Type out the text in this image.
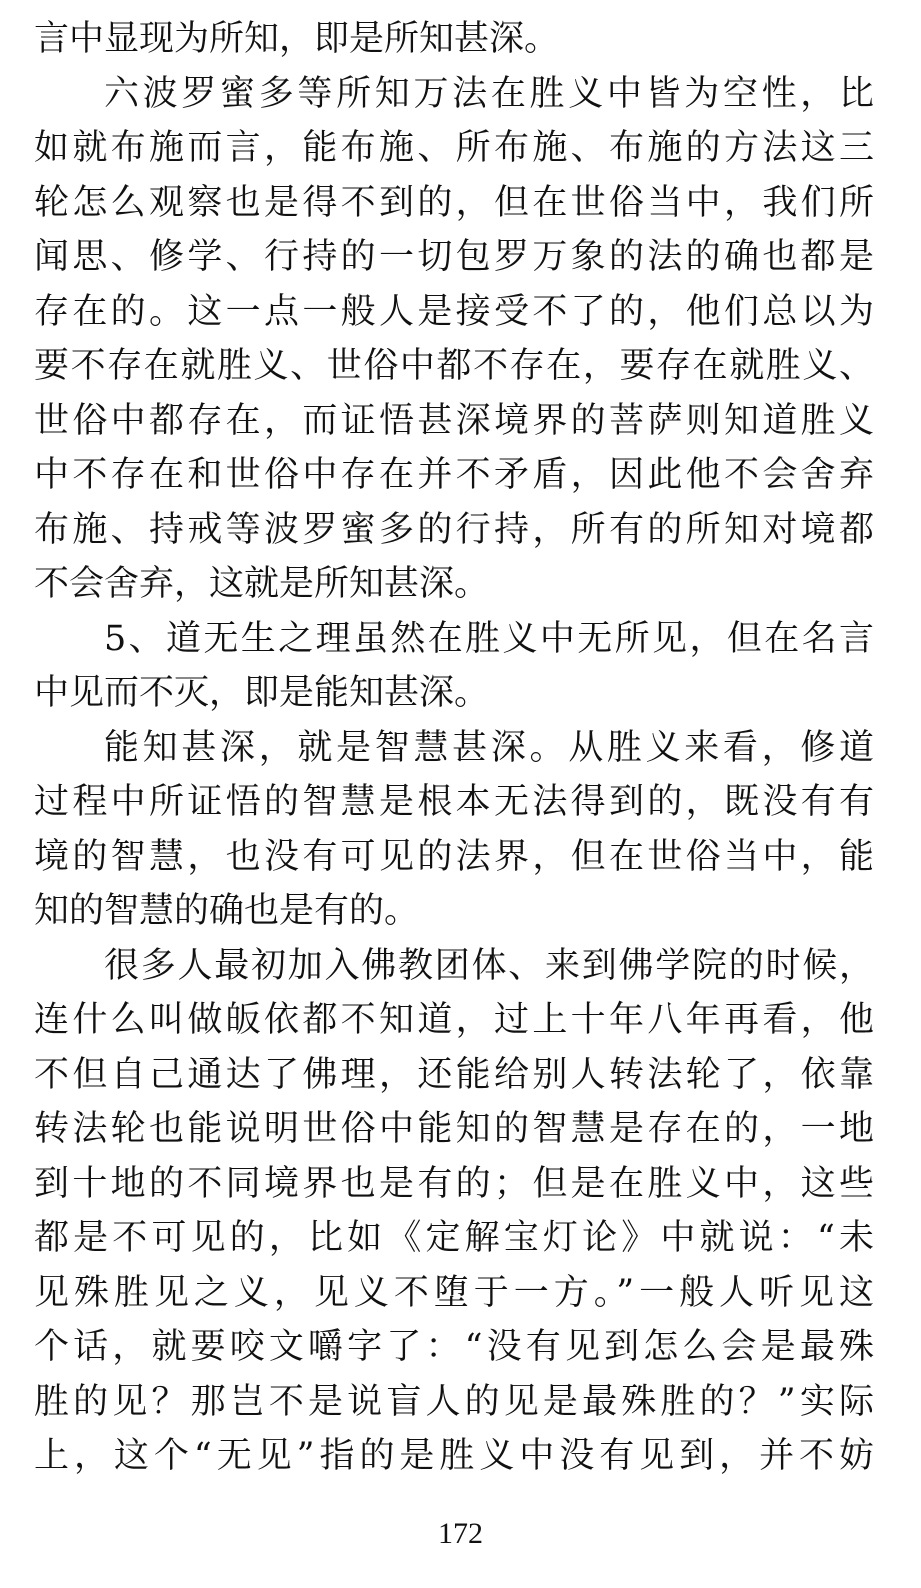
言中显现为所知，即是所知甚深。
六波罗蜜多等所知万法在胜义中皆为空性，比
如就布施而言，能布施、所布施、布施的方法这三
轮怎么观察也是得不到的，但在世俗当中，我们所
闻思、修学、行持的一切包罗万象的法的确也都是
存在的。这一点一般人是接受不了的，他们总以为
要不存在就胜义、世俗中都不存在，要存在就胜义、
世俗中都存在，而证悟甚深境界的菩萨则知道胜义
中不存在和世俗中存在并不矛盾，因此他不会舍弃
布施、持戒等波罗蜜多的行持，所有的所知对境都
不会舍弃，这就是所知甚深。
5、道无生之理虽然在胜义中无所见，但在名言
中见而不灭，即是能知甚深。
能知甚深，就是智慧甚深。从胜义来看，修道
过程中所证悟的智慧是根本无法得到的，既没有有
境的智慧，也没有可见的法界，但在世俗当中，能
知的智慧的确也是有的。
很多人最初加入佛教团体、来到佛学院的时候，
连什么叫做皈依都不知道，过上十年八年再看，他
不但自己通达了佛理，还能给别人转法轮了，依靠
转法轮也能说明世俗中能知的智慧是存在的，一地
到十地的不同境界也是有的；但是在胜义中，这些
都是不可见的，比如《定解宝灯论》中就说：“未
见殊胜见之义，见义不堕于一方。”一般人听见这
个话，就要咬文嚼字了：“没有见到怎么会是最殊
胜的见？那岂不是说盲人的见是最殊胜的？”实际
上，这个“无见”指的是胜义中没有见到，并不妨
172
